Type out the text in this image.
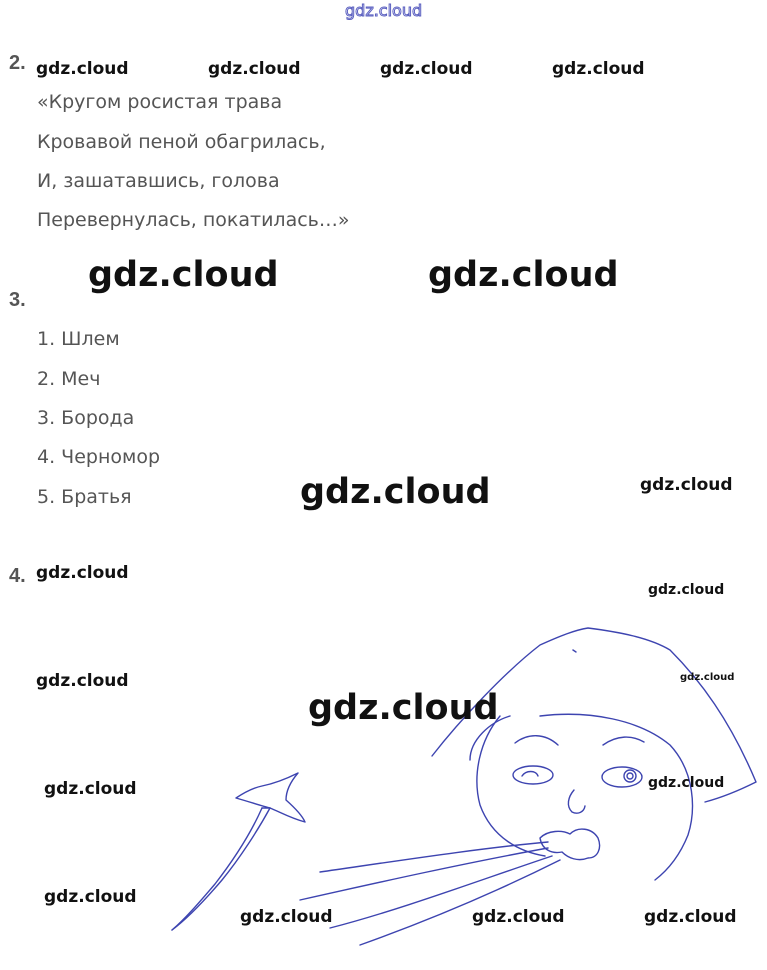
gdz.cloud
2.
«Кругом росистая трава
Кровавой пеной обагрилась,
И, зашатавшись, голова
Перевернулась, покатилась…»
3.
1. Шлем
2. Меч
3. Борода
4. Черномор
5. Братья
4.
gdz.cloud	gdz.cloud	gdz.cloud	gdz.cloud
gdz.cloud	gdz.cloud
gdz.cloud	gdz.cloud
gdz.cloud
gdz.cloud
gdz.cloud	gdz.cloud
gdz.cloud
gdz.cloud	gdz.cloud
gdz.cloud
gdz.cloud	gdz.cloud	gdz.cloud
